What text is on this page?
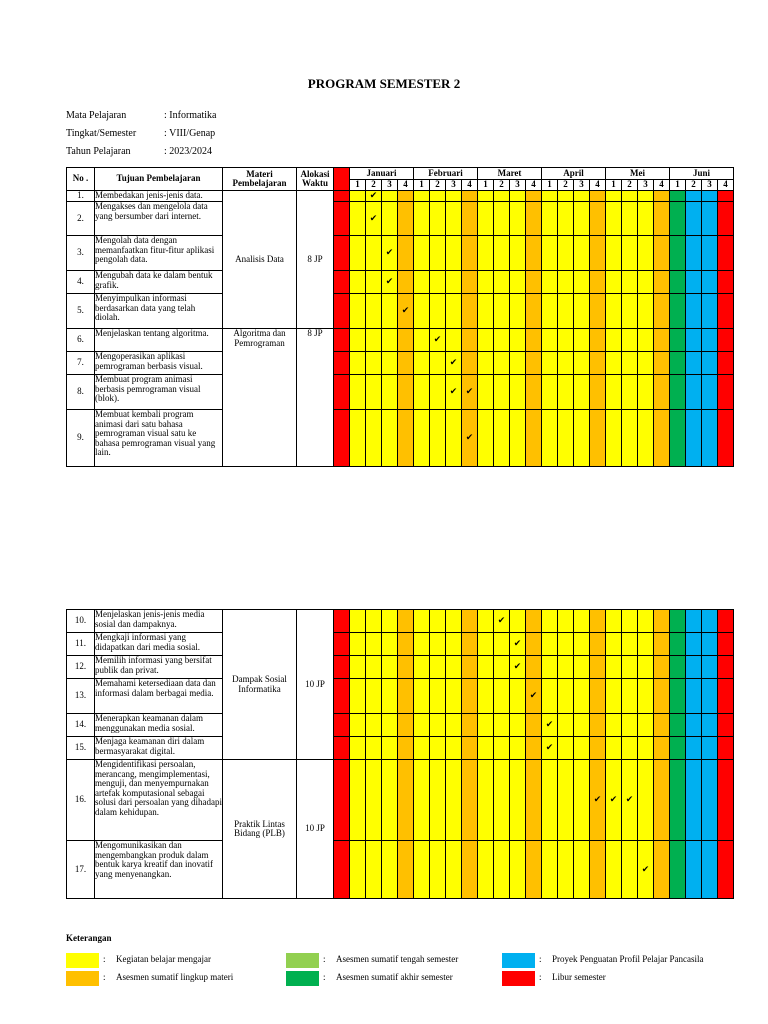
PROGRAM SEMESTER 2
Mata Pelajaran	: Informatika
Tingkat/Semester	: VIII/Genap
Tahun Pelajaran	: 2023/2024
No .	Tujuan Pembelajaran	Materi Pembelajaran	Alokasi Waktu		Januari				Februari				Maret				April				Mei				Juni			
					1	2	3	4	1	2	3	4	1	2	3	4	1	2	3	4	1	2	3	4	1	2	3	4
1.	Membedakan jenis-jenis data.	Analisis Data	8 JP			✔																						
2.	Mengakses dan mengelola data yang bersumber dari internet.					✔																						
3.	Mengolah data dengan memanfaatkan fitur-fitur aplikasi pengolah data.						✔																					
4.	Mengubah data ke dalam bentuk grafik.						✔																					
5.	Menyimpulkan informasi berdasarkan data yang telah diolah.							✔																				
6.	Menjelaskan tentang algoritma.	Algoritma dan Pemrograman	8 JP							✔																		
7.	Mengoperasikan aplikasi pemrograman berbasis visual.										✔																	
8.	Membuat program animasi berbasis pemrograman visual (blok).										✔	✔																
9.	Membuat kembali program animasi dari satu bahasa pemrograman visual satu ke bahasa pemrograman visual yang lain.											✔																
10.	Menjelaskan jenis-jenis media sosial dan dampaknya.	Dampak Sosial Informatika	10 JP											✔														
11.	Mengkaji informasi yang didapatkan dari media sosial.														✔													
12.	Memilih informasi yang bersifat publik dan privat.														✔													
13.	Memahami ketersediaan data dan informasi dalam berbagai media.															✔												
14.	Menerapkan keamanan dalam menggunakan media sosial.																✔											
15.	Menjaga keamanan diri dalam bermasyarakat digital.																✔											
16.	Mengidentifikasi persoalan, merancang, mengimplementasi, menguji, dan menyempurnakan artefak komputasional sebagai solusi dari persoalan yang dihadapi dalam kehidupan.	Praktik Lintas Bidang (PLB)	10 JP																	✔	✔	✔						
17.	Mengomunikasikan dan mengembangkan produk dalam bentuk karya kreatif dan inovatif yang menyenangkan.																						✔					
Keterangan
: Kegiatan belajar mengajar
: Asesmen sumatif lingkup materi
: Asesmen sumatif tengah semester
: Asesmen sumatif akhir semester
: Proyek Penguatan Profil Pelajar Pancasila
: Libur semester
